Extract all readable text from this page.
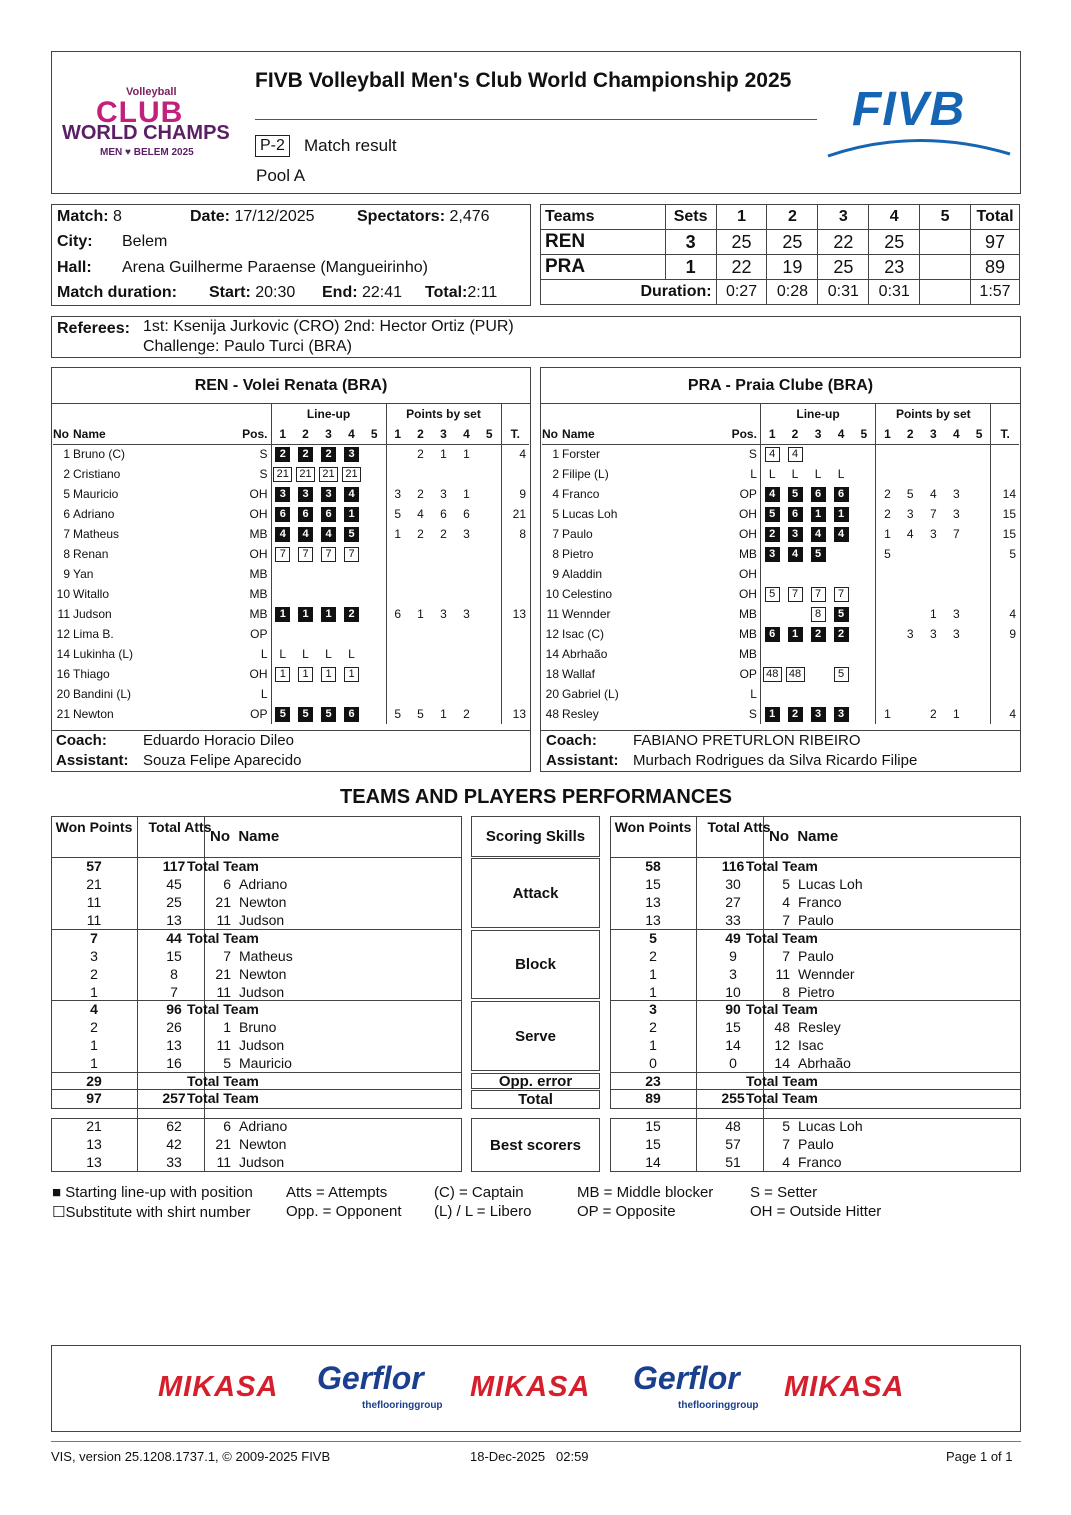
Volleyball
CLUB
WORLD CHAMPS
MEN ♥ BELEM 2025
FIVB Volleyball Men's Club World Championship 2025
P-2 Match result
Pool A
FIVB
Match: 8	Date: 17/12/2025	Spectators: 2,476
City: Belem
Hall: Arena Guilherme Paraense (Mangueirinho)
Match duration: Start: 20:30 End: 22:41 Total:2:11
Teams	Sets	1	2	3	4	5	Total
REN	3	25	25	22	25		97
PRA	1	22	19	25	23		89
Duration:		0:27	0:28	0:31	0:31		1:57
Referees: 1st: Ksenija Jurkovic (CRO) 2nd: Hector Ortiz (PUR)
Challenge: Paulo Turci (BRA)
REN - Volei Renata (BRA)	PRA - Praia Clube (BRA)
			Line-up					Points by set					
No	Name	Pos.	1	2	3	4	5	1	2	3	4	5	T.
1	Bruno (C)	S	2	2	2	3			2	1	1		4
2	Cristiano	S	21	21	21	21							
5	Mauricio	OH	3	3	3	4		3	2	3	1		9
6	Adriano	OH	6	6	6	1		5	4	6	6		21
7	Matheus	MB	4	4	4	5		1	2	2	3		8
8	Renan	OH	7	7	7	7							
9	Yan	MB											
10	Witallo	MB											
11	Judson	MB	1	1	1	2		6	1	3	3		13
12	Lima B.	OP											
14	Lukinha (L)	L	L	L	L	L							
16	Thiago	OH	1	1	1	1							
20	Bandini (L)	L											
21	Newton	OP	5	5	5	6		5	5	1	2		13
			Line-up					Points by set					
No	Name	Pos.	1	2	3	4	5	1	2	3	4	5	T.
1	Forster	S	4	4									
2	Filipe (L)	L	L	L	L	L							
4	Franco	OP	4	5	6	6		2	5	4	3		14
5	Lucas Loh	OH	5	6	1	1		2	3	7	3		15
7	Paulo	OH	2	3	4	4		1	4	3	7		15
8	Pietro	MB	3	4	5			5					5
9	Aladdin	OH											
10	Celestino	OH	5	7	7	7							
11	Wennder	MB			8	5				1	3		4
12	Isac (C)	MB	6	1	2	2			3	3	3		9
14	Abrhaão	MB											
18	Wallaf	OP	48	48		5							
20	Gabriel (L)	L											
48	Resley	S	1	2	3	3		1		2	1		4
Coach: Eduardo Horacio Dileo
Assistant: Souza Felipe Aparecido
Coach: FABIANO PRETURLON RIBEIRO
Assistant: Murbach Rodrigues da Silva Ricardo Filipe
TEAMS AND PLAYERS PERFORMANCES
Won Points	Total Atts	Won Points	Total Atts
No  Name	No  Name
Scoring Skills
Attack
Block
Serve
Opp. error
Total
Best scorers
57	117 Total Team
21	45	6 Adriano
11	25	21 Newton
11	13	11 Judson
7	44 Total Team
3	15	7 Matheus
2	8	21 Newton
1	7	11 Judson
4	96 Total Team
2	26	1 Bruno
1	13	11 Judson
1	16	5 Mauricio
29	Total Team
97	257 Total Team
21	62	6 Adriano
13	42	21 Newton
13	33	11 Judson
58	116 Total Team
15	30	5 Lucas Loh
13	27	4 Franco
13	33	7 Paulo
5	49 Total Team
2	9	7 Paulo
1	3	11 Wennder
1	10	8 Pietro
3	90 Total Team
2	15	48 Resley
1	14	12 Isac
0	0	14 Abrhaão
23	Total Team
89	255 Total Team
15	48	5 Lucas Loh
15	57	7 Paulo
14	51	4 Franco
■ Starting line-up with position
☐Substitute with shirt number
Atts = Attempts
Opp. = Opponent
(C) = Captain
(L) / L = Libero
MB = Middle blocker
OP = Opposite
S = Setter
OH = Outside Hitter
MIKASA Gerflor
theflooringgroup
MIKASA Gerflor
theflooringgroup
MIKASA
VIS, version 25.1208.1737.1, © 2009-2025 FIVB	18-Dec-2025   02:59	Page 1 of 1
